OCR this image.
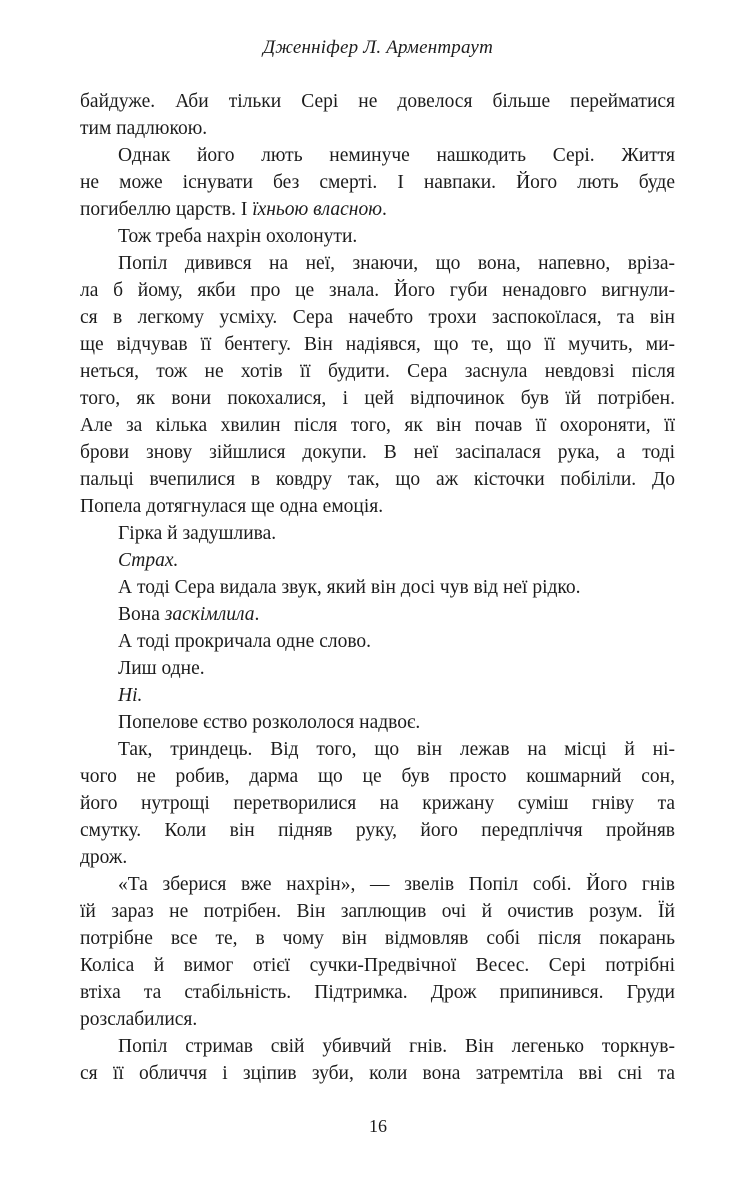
Дженніфер Л. Арментраут
байдуже. Аби тільки Сері не довелося більше перейматися
тим падлюкою.
Однак його лють неминуче нашкодить Сері. Життя
не може існувати без смерті. І навпаки. Його лють буде
погибеллю царств. І їхньою власною.
Тож треба нахрін охолонути.
Попіл дивився на неї, знаючи, що вона, напевно, вріза-
ла б йому, якби про це знала. Його губи ненадовго вигнули-
ся в легкому усміху. Сера начебто трохи заспокоїлася, та він
ще відчував її бентегу. Він надіявся, що те, що її мучить, ми-
неться, тож не хотів її будити. Сера заснула невдовзі після
того, як вони покохалися, і цей відпочинок був їй потрібен.
Але за кілька хвилин після того, як він почав її охороняти, її
брови знову зійшлися докупи. В неї засіпалася рука, а тоді
пальці вчепилися в ковдру так, що аж кісточки побіліли. До
Попела дотягнулася ще одна емоція.
Гірка й задушлива.
Страх.
А тоді Сера видала звук, який він досі чув від неї рідко.
Вона заскімлила.
А тоді прокричала одне слово.
Лиш одне.
Ні.
Попелове єство розкололося надвоє.
Так, триндець. Від того, що він лежав на місці й ні-
чого не робив, дарма що це був просто кошмарний сон,
його нутрощі перетворилися на крижану суміш гніву та
смутку. Коли він підняв руку, його передпліччя пройняв
дрож.
«Та зберися вже нахрін», — звелів Попіл собі. Його гнів
їй зараз не потрібен. Він заплющив очі й очистив розум. Їй
потрібне все те, в чому він відмовляв собі після покарань
Коліса й вимог отієї сучки-Предвічної Весес. Сері потрібні
втіха та стабільність. Підтримка. Дрож припинився. Груди
розслабилися.
Попіл стримав свій убивчий гнів. Він легенько торкнув-
ся її обличчя і зціпив зуби, коли вона затремтіла вві сні та
16
